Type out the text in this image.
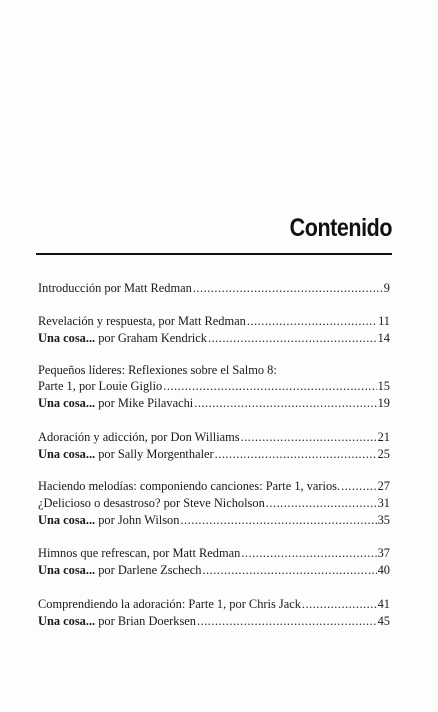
Contenido
Introducción por Matt Redman .....	9
Revelación y respuesta, por Matt Redman .....	11
Una cosa... por Graham Kendrick .....	14
Pequeños líderes: Reflexiones sobre el Salmo 8:
Parte 1, por Louie Giglio .....	15
Una cosa... por Mike Pilavachi .....	19
Adoración y adicción, por Don Williams .....	21
Una cosa... por Sally Morgenthaler .....	25
Haciendo melodías: componiendo canciones: Parte 1, varios. .....	27
¿Delicioso o desastroso? por Steve Nicholson .....	31
Una cosa... por John Wilson .....	35
Himnos que refrescan, por Matt Redman .....	37
Una cosa... por Darlene Zschech .....	40
Comprendiendo la adoración: Parte 1, por Chris Jack .....	41
Una cosa... por Brian Doerksen .....	45
